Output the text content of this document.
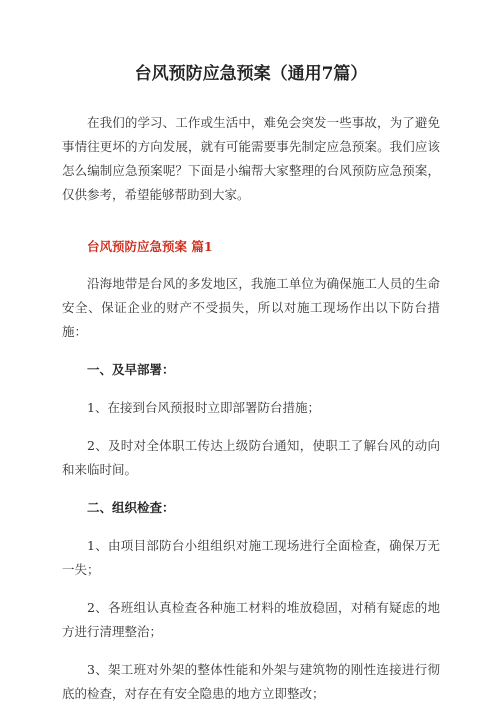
台风预防应急预案（通用7篇）

在我们的学习、工作或生活中，难免会突发一些事故，为了避免事情往更坏的方向发展，就有可能需要事先制定应急预案。我们应该怎么编制应急预案呢？下面是小编帮大家整理的台风预防应急预案，仅供参考，希望能够帮助到大家。

台风预防应急预案 篇1

沿海地带是台风的多发地区，我施工单位为确保施工人员的生命安全、保证企业的财产不受损失，所以对施工现场作出以下防台措施：

一、及早部署：

1、在接到台风预报时立即部署防台措施；

2、及时对全体职工传达上级防台通知，使职工了解台风的动向和来临时间。

二、组织检查：

1、由项目部防台小组组织对施工现场进行全面检查，确保万无一失；

2、各班组认真检查各种施工材料的堆放稳固，对稍有疑虑的地方进行清理整治；

3、架工班对外架的整体性能和外架与建筑物的刚性连接进行彻底的检查，对存在有安全隐患的地方立即整改；
